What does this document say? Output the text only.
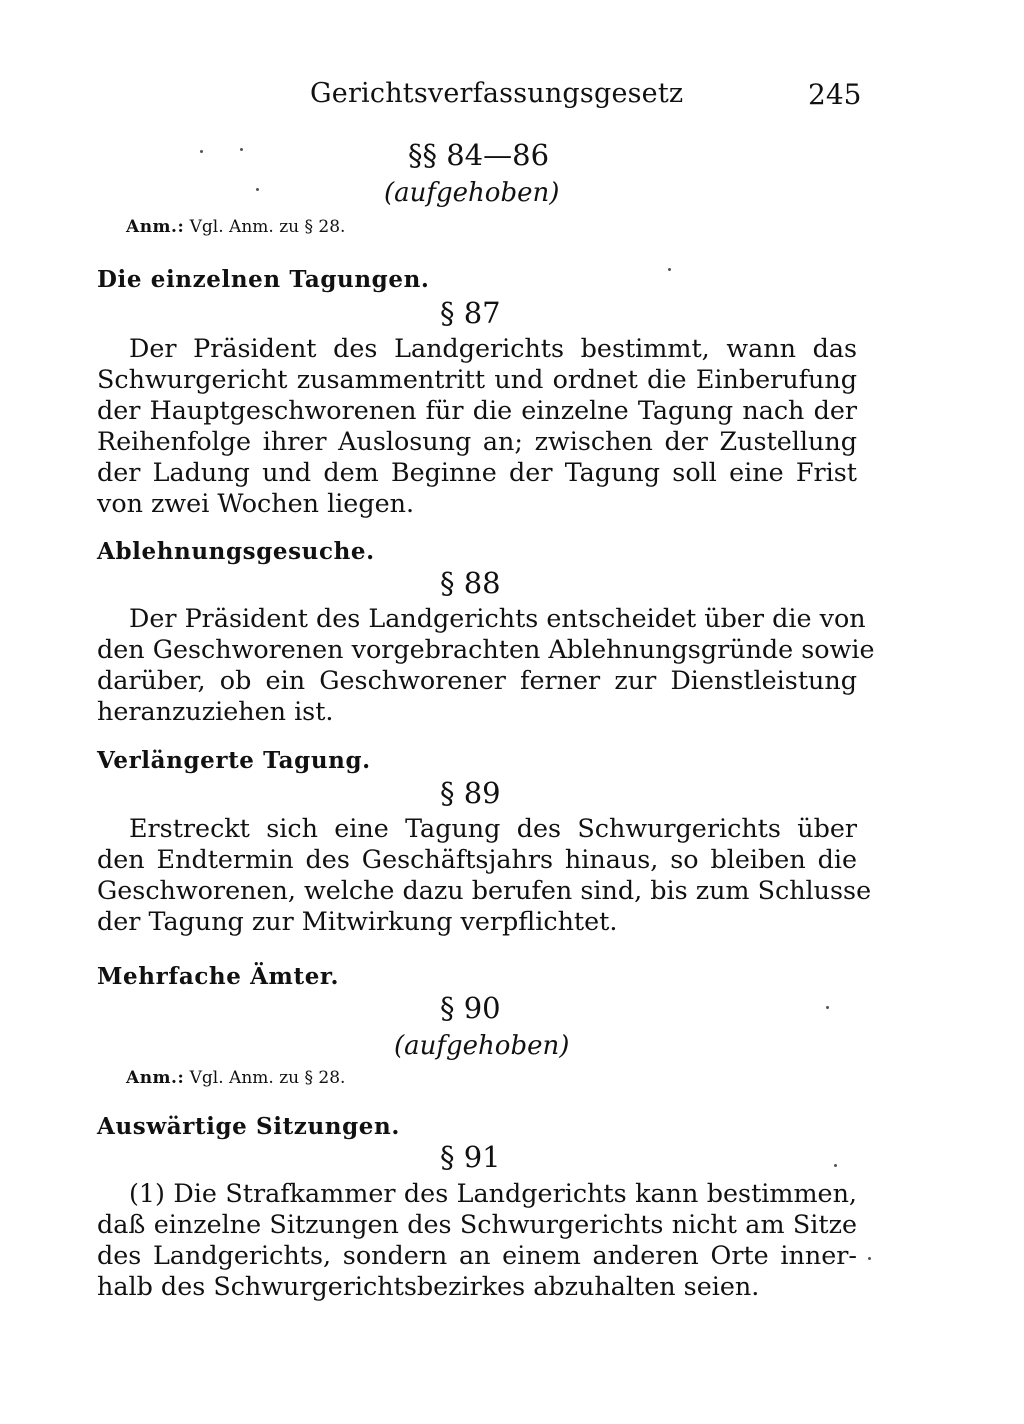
Gerichtsverfassungsgesetz	245
§§ 84—86
(aufgehoben)
Anm.: Vgl. Anm. zu § 28.
Die einzelnen Tagungen.
§ 87
Der Präsident des Landgerichts bestimmt, wann das
Schwurgericht zusammentritt und ordnet die Einberufung
der Hauptgeschworenen für die einzelne Tagung nach der
Reihenfolge ihrer Auslosung an; zwischen der Zustellung
der Ladung und dem Beginne der Tagung soll eine Frist
von zwei Wochen liegen.
Ablehnungsgesuche.
§ 88
Der Präsident des Landgerichts entscheidet über die von
den Geschworenen vorgebrachten Ablehnungsgründe sowie
darüber, ob ein Geschworener ferner zur Dienstleistung
heranzuziehen ist.
Verlängerte Tagung.
§ 89
Erstreckt sich eine Tagung des Schwurgerichts über
den Endtermin des Geschäftsjahrs hinaus, so bleiben die
Geschworenen, welche dazu berufen sind, bis zum Schlusse
der Tagung zur Mitwirkung verpflichtet.
Mehrfache Ämter.
§ 90
(aufgehoben)
Anm.: Vgl. Anm. zu § 28.
Auswärtige Sitzungen.
§ 91
(1) Die Strafkammer des Landgerichts kann bestimmen,
daß einzelne Sitzungen des Schwurgerichts nicht am Sitze
des Landgerichts, sondern an einem anderen Orte inner-
halb des Schwurgerichtsbezirkes abzuhalten seien.
